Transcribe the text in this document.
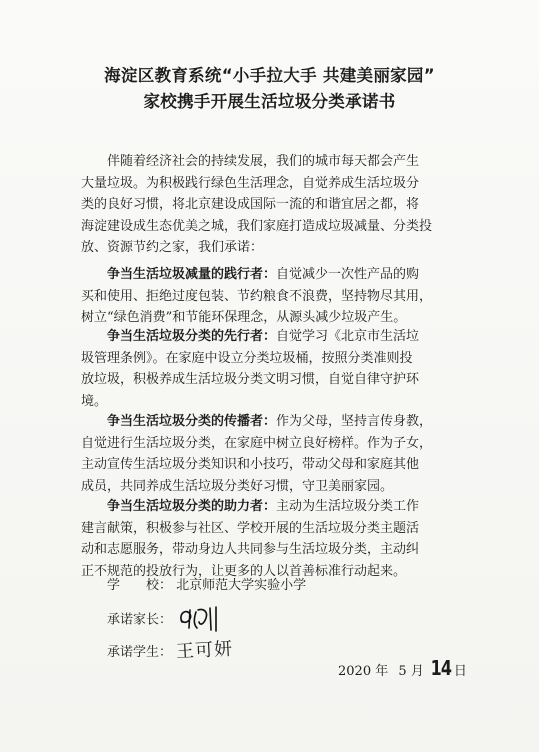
海淀区教育系统“小手拉大手 共建美丽家园”
家校携手开展生活垃圾分类承诺书
伴随着经济社会的持续发展，我们的城市每天都会产生
大量垃圾。为积极践行绿色生活理念，自觉养成生活垃圾分
类的良好习惯，将北京建设成国际一流的和谐宜居之都，将
海淀建设成生态优美之城，我们家庭打造成垃圾减量、分类投
放、资源节约之家，我们承诺：
争当生活垃圾减量的践行者：自觉减少一次性产品的购
买和使用、拒绝过度包装、节约粮食不浪费，坚持物尽其用，
树立“绿色消费”和节能环保理念，从源头减少垃圾产生。
争当生活垃圾分类的先行者：自觉学习《北京市生活垃
圾管理条例》。在家庭中设立分类垃圾桶，按照分类准则投
放垃圾，积极养成生活垃圾分类文明习惯，自觉自律守护环
境。
争当生活垃圾分类的传播者：作为父母，坚持言传身教，
自觉进行生活垃圾分类，在家庭中树立良好榜样。作为子女，
主动宣传生活垃圾分类知识和小技巧，带动父母和家庭其他
成员，共同养成生活垃圾分类好习惯，守卫美丽家园。
争当生活垃圾分类的助力者：主动为生活垃圾分类工作
建言献策，积极参与社区、学校开展的生活垃圾分类主题活
动和志愿服务，带动身边人共同参与生活垃圾分类，主动纠
正不规范的投放行为，让更多的人以首善标准行动起来。
学　　校： 北京师范大学实验小学
承诺家长：
承诺学生： 王可妍
2020 年 5 月 14 日
